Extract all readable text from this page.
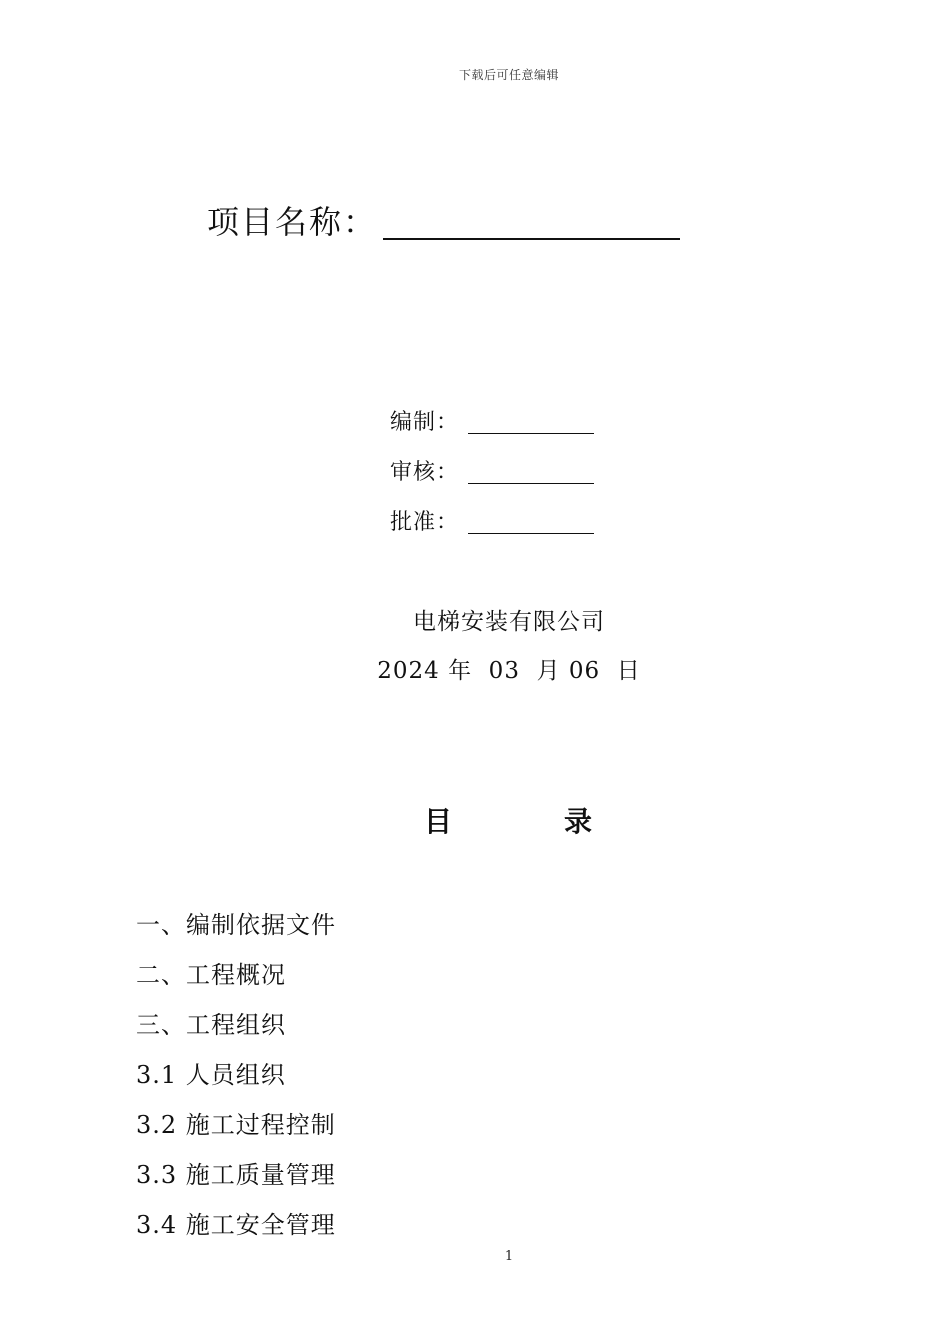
下载后可任意编辑
项目名称：
编制：
审核：
批准：
电梯安装有限公司
2024 年  03  月 06  日
目	录
一、编制依据文件
二、工程概况
三、工程组织
3.1 人员组织
3.2 施工过程控制
3.3 施工质量管理
3.4 施工安全管理
1
